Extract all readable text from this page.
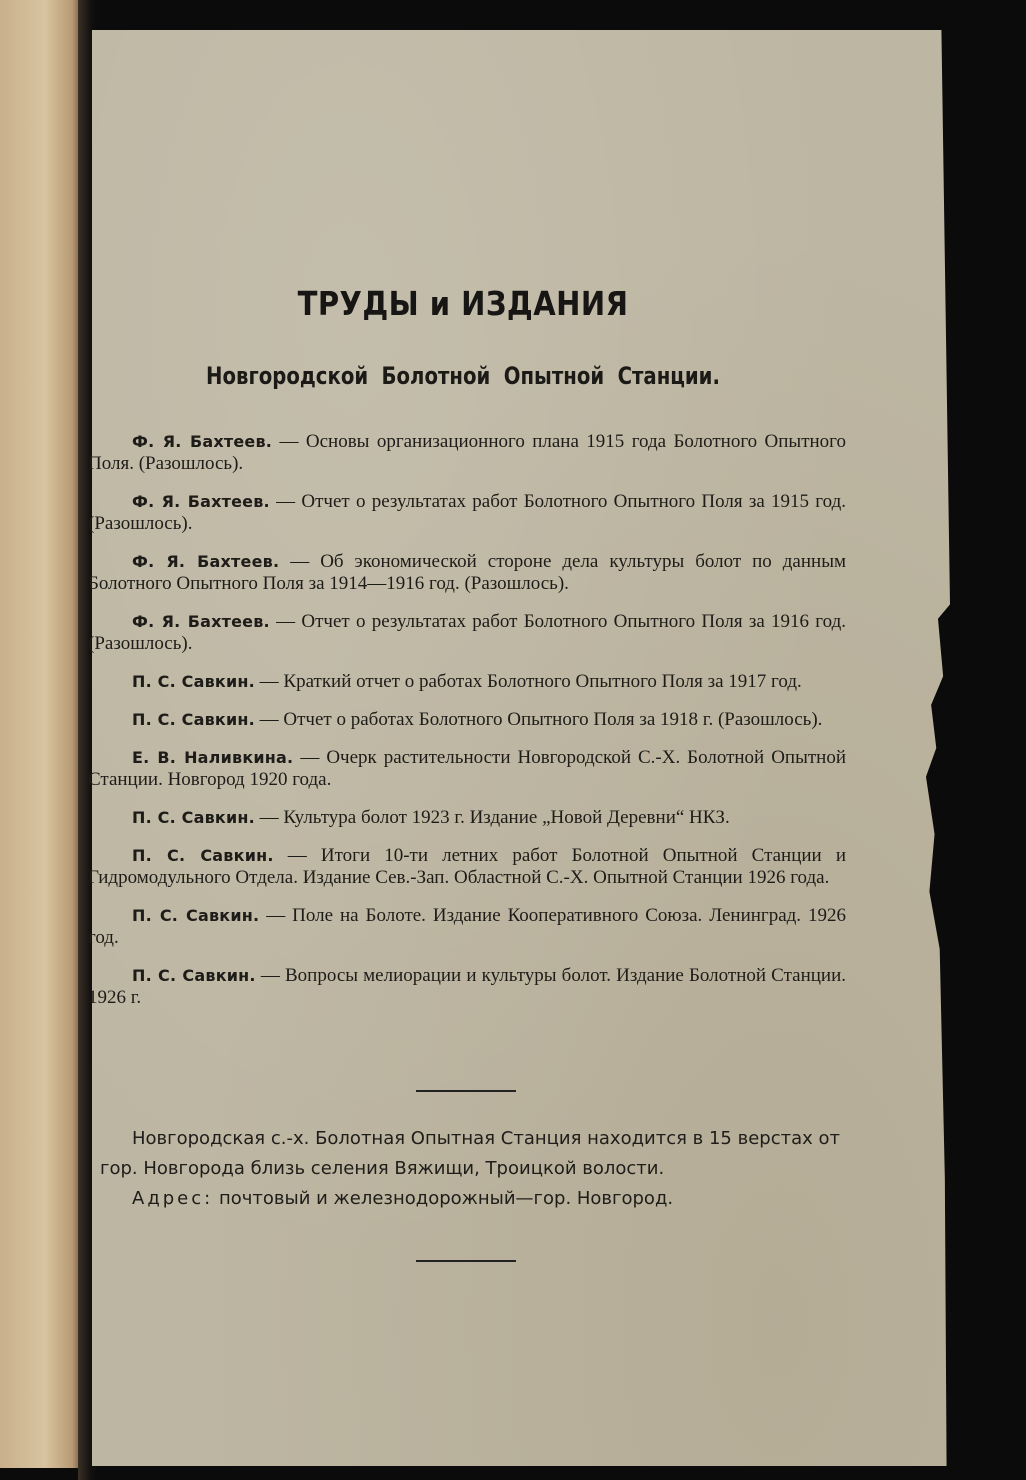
ТРУДЫ и ИЗДАНИЯ
Новгородской Болотной Опытной Станции.

Ф. Я. Бахтеев. — Основы организационного плана 1915 года Болотного Опытного Поля. (Разошлось).

Ф. Я. Бахтеев. — Отчет о результатах работ Болотного Опытного Поля за 1915 год. (Разошлось).

Ф. Я. Бахтеев. — Об экономической стороне дела культуры болот по данным Болотного Опытного Поля за 1914—1916 год. (Разошлось).

Ф. Я. Бахтеев. — Отчет о результатах работ Болотного Опытного Поля за 1916 год. (Разошлось).

П. С. Савкин. — Краткий отчет о работах Болотного Опытного Поля за 1917 год.

П. С. Савкин. — Отчет о работах Болотного Опытного Поля за 1918 г. (Разошлось).

Е. В. Наливкина. — Очерк растительности Новгородской С.-Х. Болотной Опытной Станции. Новгород 1920 года.

П. С. Савкин. — Культура болот 1923 г. Издание „Новой Деревни“ НКЗ.

П. С. Савкин. — Итоги 10-ти летних работ Болотной Опытной Станции и Гидромодульного Отдела. Издание Сев.-Зап. Областной С.-Х. Опытной Станции 1926 года.

П. С. Савкин. — Поле на Болоте. Издание Кооперативного Союза. Ленинград. 1926 год.

П. С. Савкин. — Вопросы мелиорации и культуры болот. Издание Болотной Станции. 1926 г.

Новгородская с.-х. Болотная Опытная Станция находится в 15 верстах от гор. Новгорода близь селения Вяжищи, Троицкой волости.

Адрес: почтовый и железнодорожный—гор. Новгород.
